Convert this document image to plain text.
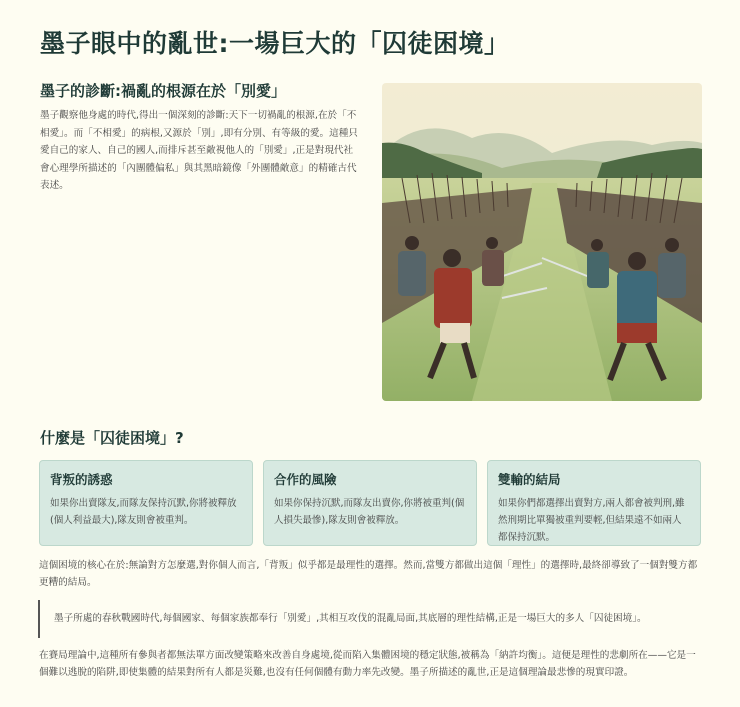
墨子眼中的亂世:一場巨大的「囚徒困境」
墨子的診斷:禍亂的根源在於「別愛」

墨子觀察他身處的時代,得出一個深刻的診斷:天下一切禍亂的根源,在於「不相愛」。而「不相愛」的病根,又源於「別」,即有分別、有等級的愛。這種只愛自己的家人、自己的國人,而排斥甚至敵視他人的「別愛」,正是對現代社會心理學所描述的「內團體偏私」與其黑暗鏡像「外團體敵意」的精確古代表述。

什麼是「囚徒困境」?

背叛的誘惑

如果你出賣隊友,而隊友保持沉默,你將被釋放(個人利益最大),隊友則會被重判。

合作的風險

如果你保持沉默,而隊友出賣你,你將被重判(個人損失最慘),隊友則會被釋放。

雙輸的結局

如果你們都選擇出賣對方,兩人都會被判刑,雖然刑期比單獨被重判要輕,但結果遠不如兩人都保持沉默。

這個困境的核心在於:無論對方怎麼選,對你個人而言,「背叛」似乎都是最理性的選擇。然而,當雙方都做出這個「理性」的選擇時,最終卻導致了一個對雙方都更糟的結局。

墨子所處的春秋戰國時代,每個國家、每個家族都奉行「別愛」,其相互攻伐的混亂局面,其底層的理性結構,正是一場巨大的多人「囚徒困境」。

在賽局理論中,這種所有參與者都無法單方面改變策略來改善自身處境,從而陷入集體困境的穩定狀態,被稱為「納許均衡」。這便是理性的悲劇所在——它是一個難以逃脫的陷阱,即使集體的結果對所有人都是災難,也沒有任何個體有動力率先改變。墨子所描述的亂世,正是這個理論最悲慘的現實印證。
